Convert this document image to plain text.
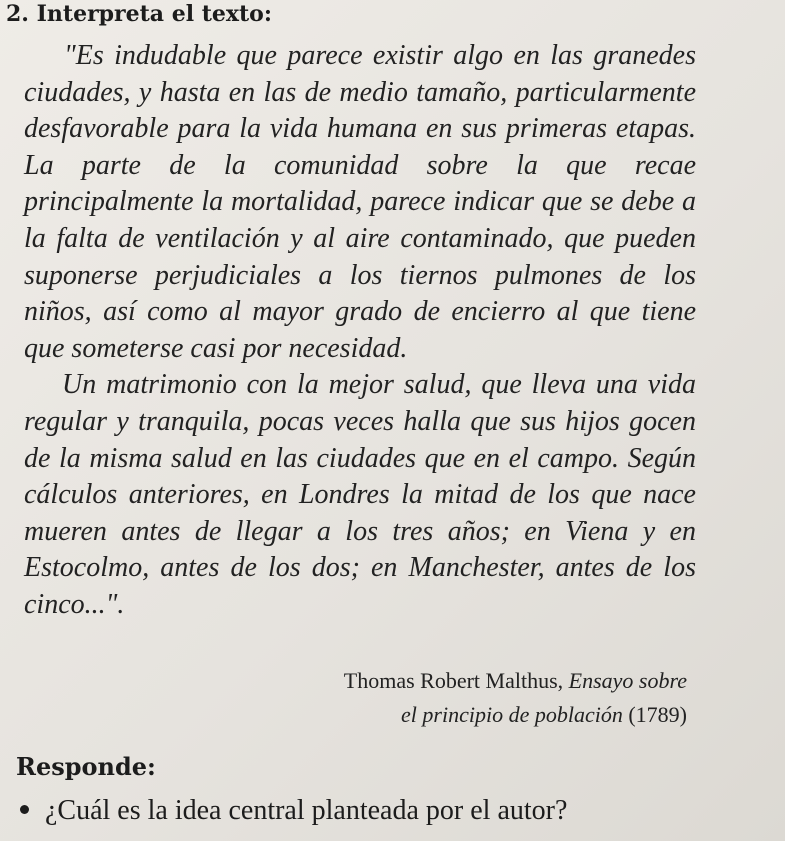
2. Interpreta el texto:

"Es indudable que parece existir algo en las granedes ciudades, y hasta en las de medio tamaño, particularmente desfavorable para la vida humana en sus primeras etapas. La parte de la comunidad sobre la que recae principalmente la mortalidad, parece indicar que se debe a la falta de ventilación y al aire contaminado, que pueden suponerse perjudiciales a los tiernos pulmones de los niños, así como al mayor grado de encierro al que tiene que someterse casi por necesidad.

Un matrimonio con la mejor salud, que lleva una vida regular y tranquila, pocas veces halla que sus hijos gocen de la misma salud en las ciudades que en el campo. Según cálculos anteriores, en Londres la mitad de los que nace mueren antes de llegar a los tres años; en Viena y en Estocolmo, antes de los dos; en Manchester, antes de los cinco...".

Thomas Robert Malthus, Ensayo sobre
el principio de población (1789)
Responde:
¿Cuál es la idea central planteada por el autor?
